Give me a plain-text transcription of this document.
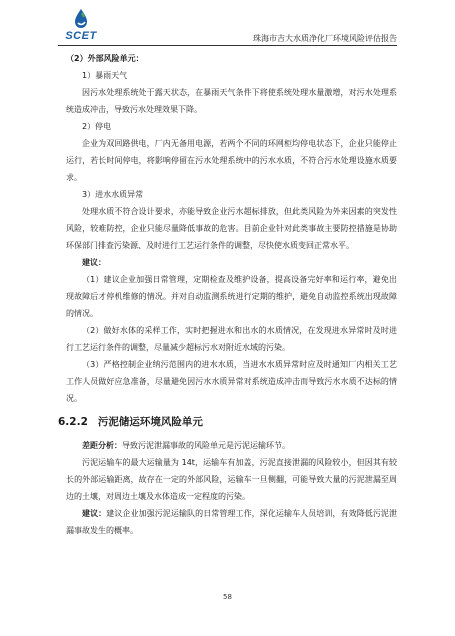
SCET	珠海市吉大水质净化厂环境风险评估报告

（2）外部风险单元：

1）暴雨天气

因污水处理系统处于露天状态，在暴雨天气条件下将使系统处理水量激增，对污水处理系统造成冲击，导致污水处理效果下降。

2）停电

企业为双回路供电，厂内无备用电源，若两个不同的环网柜均停电状态下，企业只能停止运行，若长时间停电，将影响停留在污水处理系统中的污水水质，不符合污水处理设施水质要求。

3）进水水质异常

处理水质不符合设计要求，亦能导致企业污水超标排放，但此类风险为外来因素的突发性风险，较难防控，企业只能尽量降低事故的危害。目前企业针对此类事故主要防控措施是协助环保部门排查污染源、及时进行工艺运行条件的调整，尽快使水质变回正常水平。

建议：

（1）建议企业加强日常管理，定期检查及维护设备，提高设备完好率和运行率，避免出现故障后才停机维修的情况。并对自动监测系统进行定期的维护，避免自动监控系统出现故障的情况。

（2）做好水体的采样工作，实时把握进水和出水的水质情况，在发现进水异常时及时进行工艺运行条件的调整，尽量减少超标污水对附近水域的污染。

（3）严格控制企业纳污范围内的进水水质，当进水水质异常时应及时通知厂内相关工艺工作人员做好应急准备，尽量避免因污水水质异常对系统造成冲击而导致污水水质不达标的情况。

6.2.2 污泥储运环境风险单元

差距分析：导致污泥泄漏事故的风险单元是污泥运输环节。

污泥运输车的最大运输量为 14t，运输车有加盖，污泥直接泄漏的风险较小，但因其有较长的外部运输距离，故存在一定的外部风险，运输车一旦侧翻，可能导致大量的污泥泄漏至周边的土壤，对周边土壤及水体造成一定程度的污染。

建议：建议企业加强污泥运输队的日常管理工作，深化运输车人员培训，有效降低污泥泄漏事故发生的概率。

58
